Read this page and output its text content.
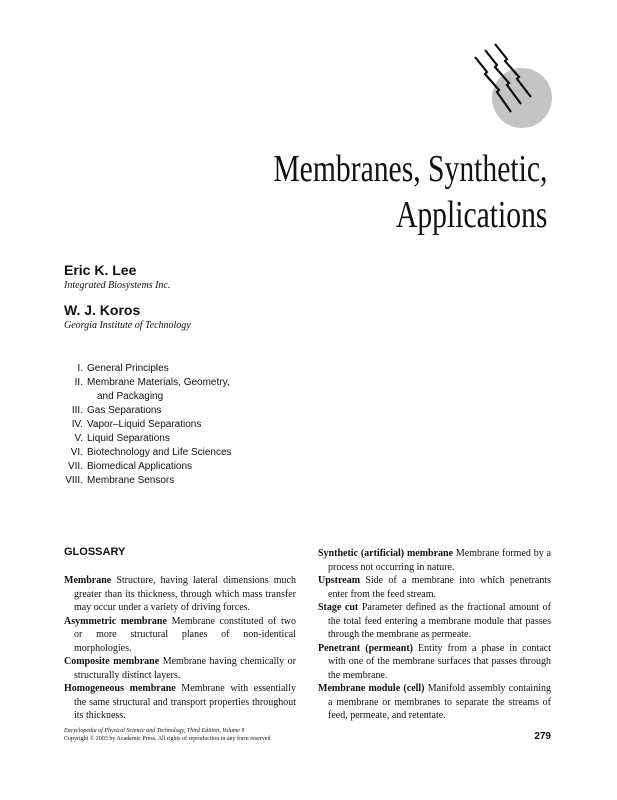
Membranes, Synthetic,
Applications
Eric K. Lee
Integrated Biosystems Inc.
W. J. Koros
Georgia Institute of Technology
I. General Principles
II. Membrane Materials, Geometry,
and Packaging
III. Gas Separations
IV. Vapor–Liquid Separations
V. Liquid Separations
VI. Biotechnology and Life Sciences
VII. Biomedical Applications
VIII. Membrane Sensors
GLOSSARY
Membrane Structure, having lateral dimensions much greater than its thickness, through which mass transfer may occur under a variety of driving forces.
Asymmetric membrane Membrane constituted of two or more structural planes of non-identical morphologies.
Composite membrane Membrane having chemically or structurally distinct layers.
Homogeneous membrane Membrane with essentially the same structural and transport properties throughout its thickness.
Synthetic (artificial) membrane Membrane formed by a process not occurring in nature.
Upstream Side of a membrane into which penetrants enter from the feed stream.
Stage cut Parameter defined as the fractional amount of the total feed entering a membrane module that passes through the membrane as permeate.
Penetrant (permeant) Entity from a phase in contact with one of the membrane surfaces that passes through the membrane.
Membrane module (cell) Manifold assembly containing a membrane or membranes to separate the streams of feed, permeate, and retentate.
Encyclopedia of Physical Science and Technology, Third Edition, Volume 9
Copyright © 2003 by Academic Press. All rights of reproduction in any form reserved	279
